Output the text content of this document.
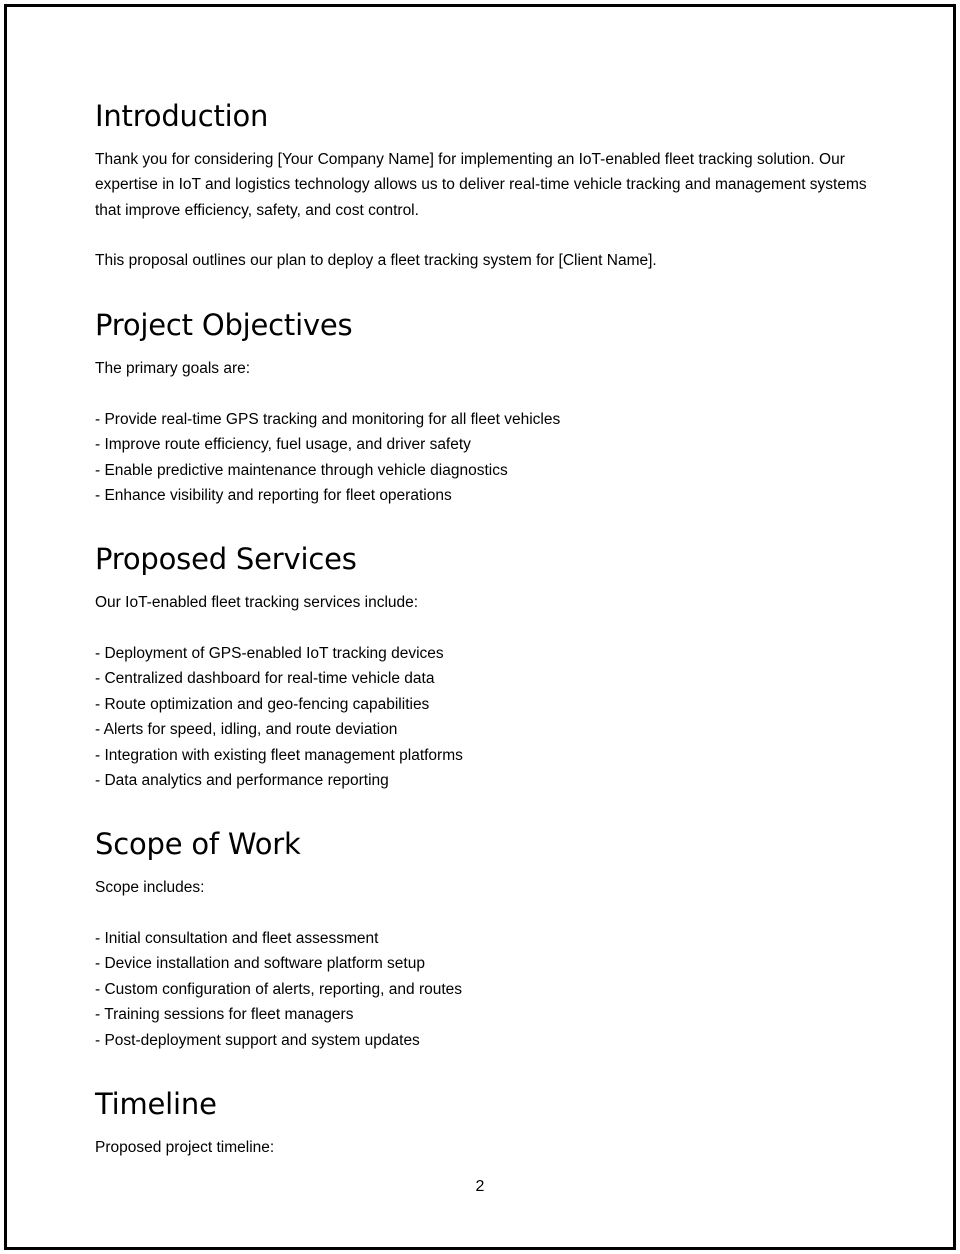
Introduction

Thank you for considering [Your Company Name] for implementing an IoT-enabled fleet tracking solution. Our expertise in IoT and logistics technology allows us to deliver real-time vehicle tracking and management systems that improve efficiency, safety, and cost control.

This proposal outlines our plan to deploy a fleet tracking system for [Client Name].

Project Objectives

The primary goals are:

- Provide real-time GPS tracking and monitoring for all fleet vehicles
- Improve route efficiency, fuel usage, and driver safety
- Enable predictive maintenance through vehicle diagnostics
- Enhance visibility and reporting for fleet operations
Proposed Services

Our IoT-enabled fleet tracking services include:

- Deployment of GPS-enabled IoT tracking devices
- Centralized dashboard for real-time vehicle data
- Route optimization and geo-fencing capabilities
- Alerts for speed, idling, and route deviation
- Integration with existing fleet management platforms
- Data analytics and performance reporting
Scope of Work

Scope includes:

- Initial consultation and fleet assessment
- Device installation and software platform setup
- Custom configuration of alerts, reporting, and routes
- Training sessions for fleet managers
- Post-deployment support and system updates
Timeline

Proposed project timeline:

2
